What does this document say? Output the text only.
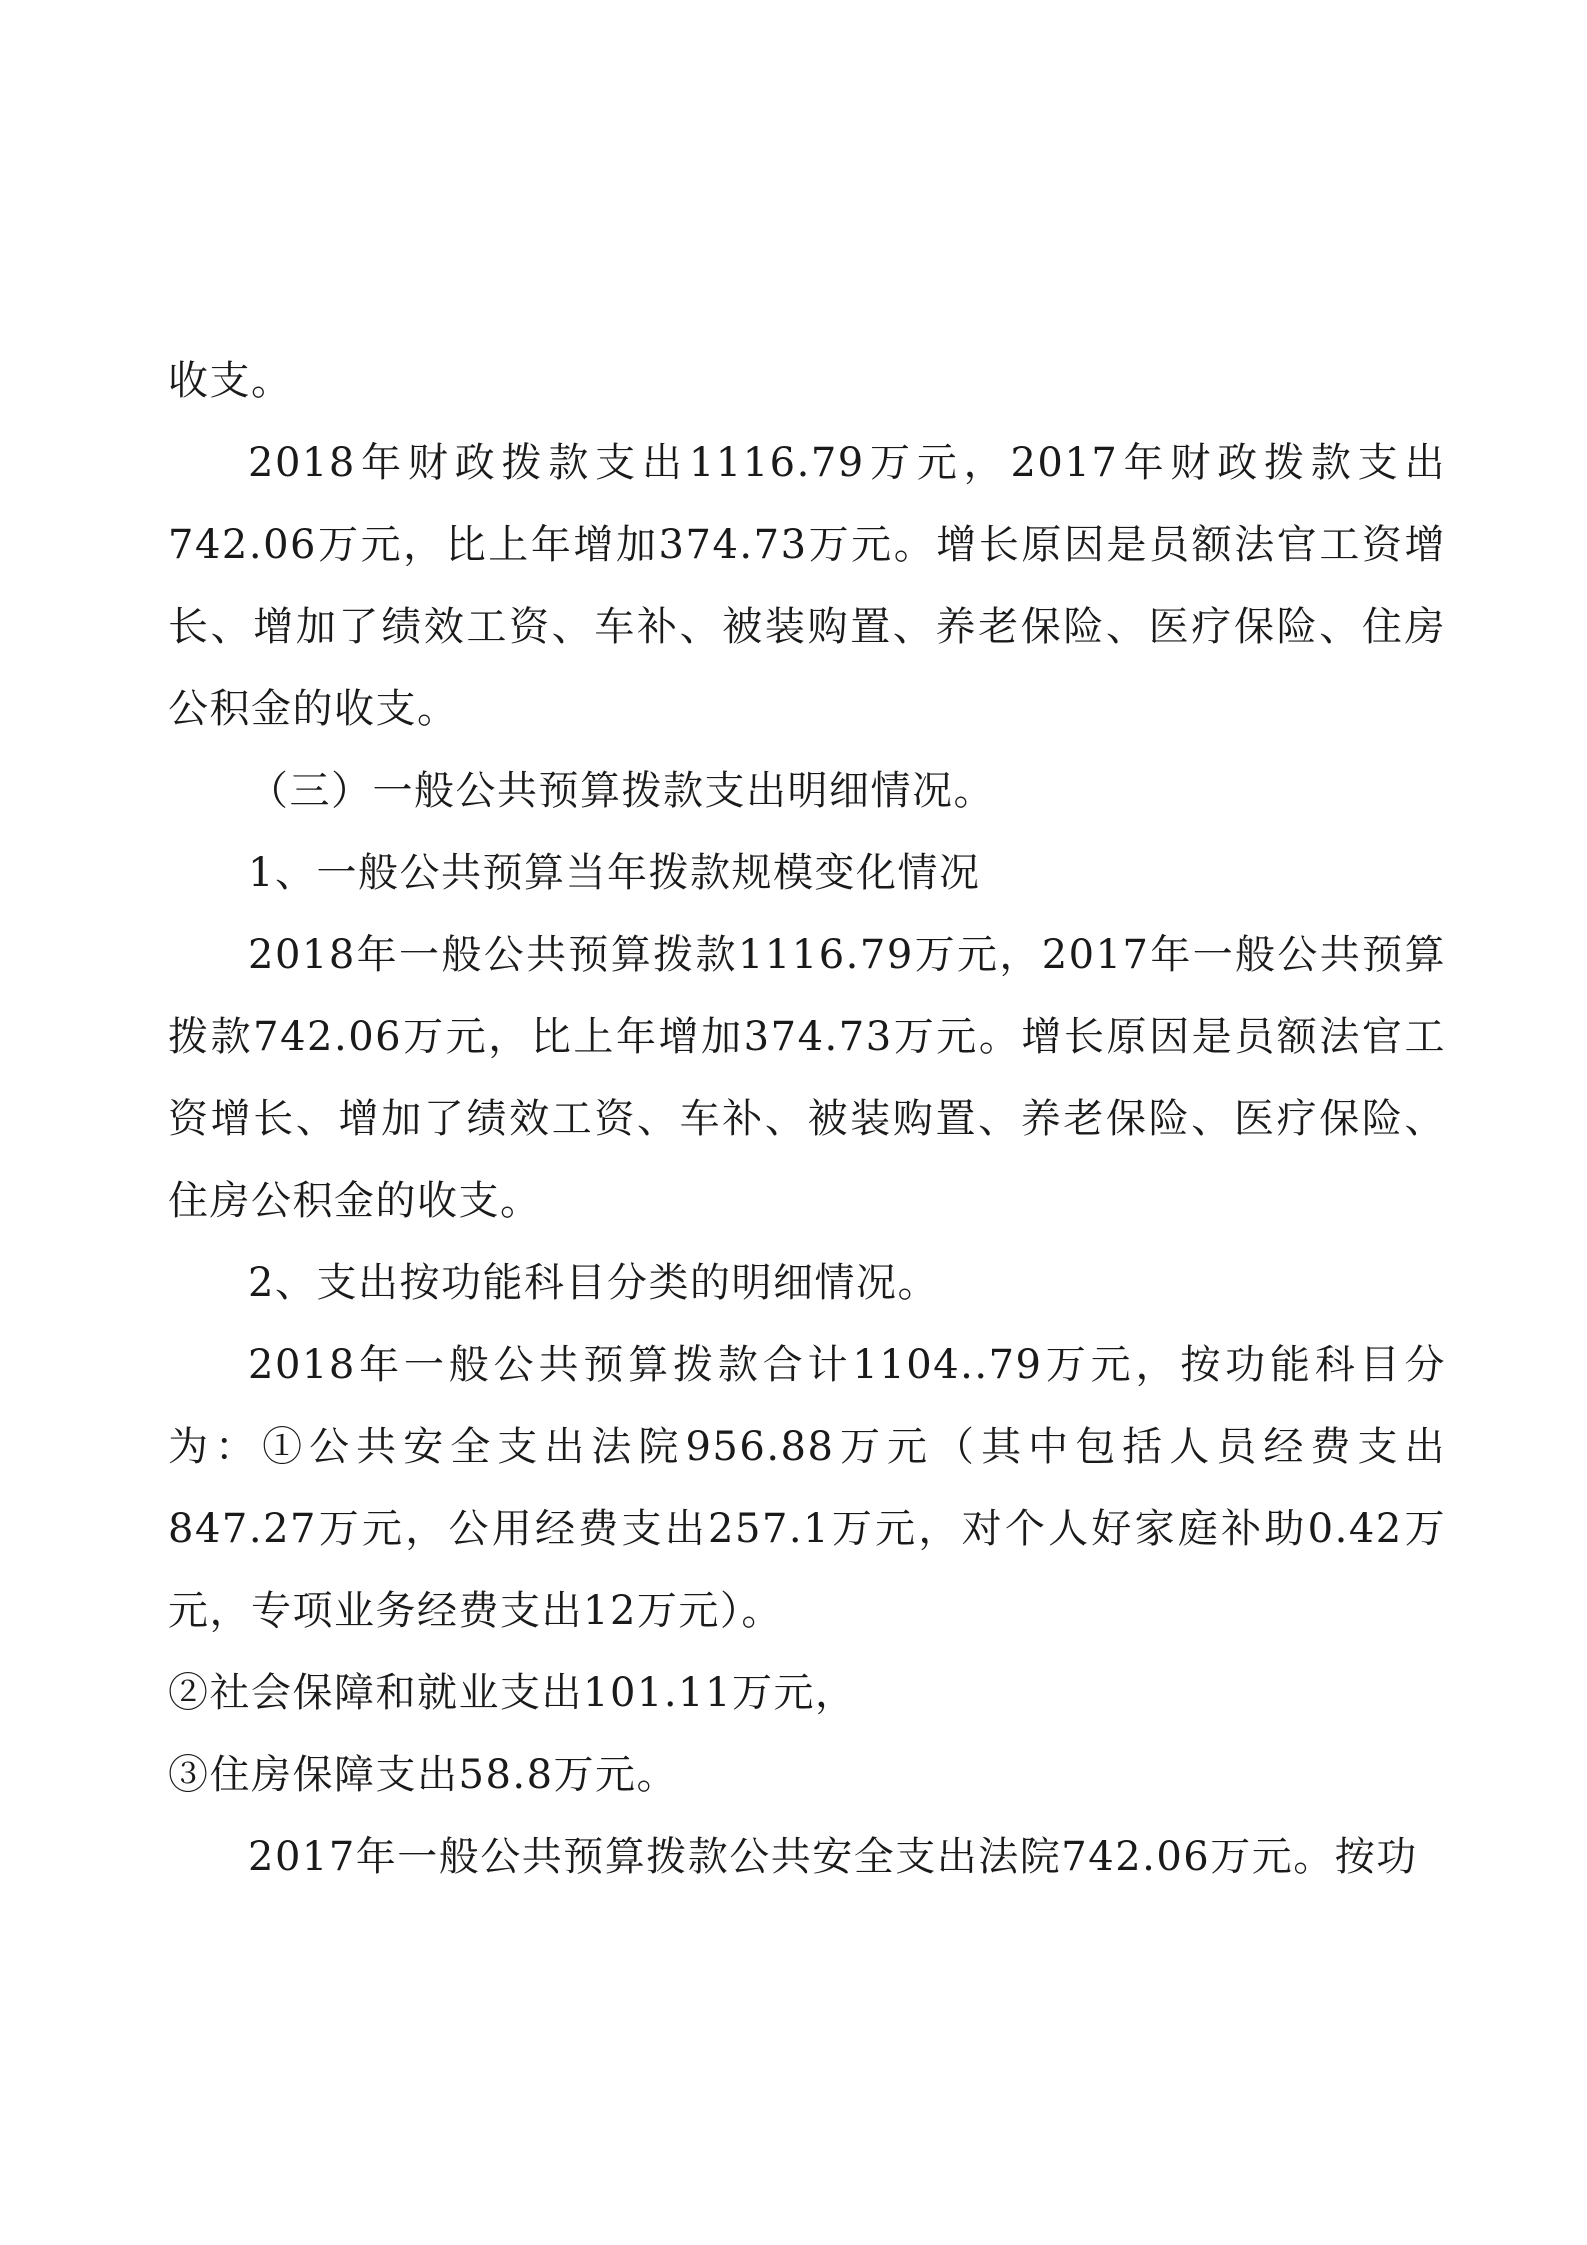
收支。

2018年财政拨款支出1116.79万元，2017年财政拨款支出742.06万元，比上年增加374.73万元。增长原因是员额法官工资增长、增加了绩效工资、车补、被装购置、养老保险、医疗保险、住房公积金的收支。

（三）一般公共预算拨款支出明细情况。

1、一般公共预算当年拨款规模变化情况

2018年一般公共预算拨款1116.79万元，2017年一般公共预算拨款742.06万元，比上年增加374.73万元。增长原因是员额法官工资增长、增加了绩效工资、车补、被装购置、养老保险、医疗保险、住房公积金的收支。

2、支出按功能科目分类的明细情况。

2018年一般公共预算拨款合计1104..79万元，按功能科目分为：①公共安全支出法院956.88万元（其中包括人员经费支出847.27万元，公用经费支出257.1万元，对个人好家庭补助0.42万元，专项业务经费支出12万元）。

②社会保障和就业支出101.11万元，

③住房保障支出58.8万元。

2017年一般公共预算拨款公共安全支出法院742.06万元。按功
